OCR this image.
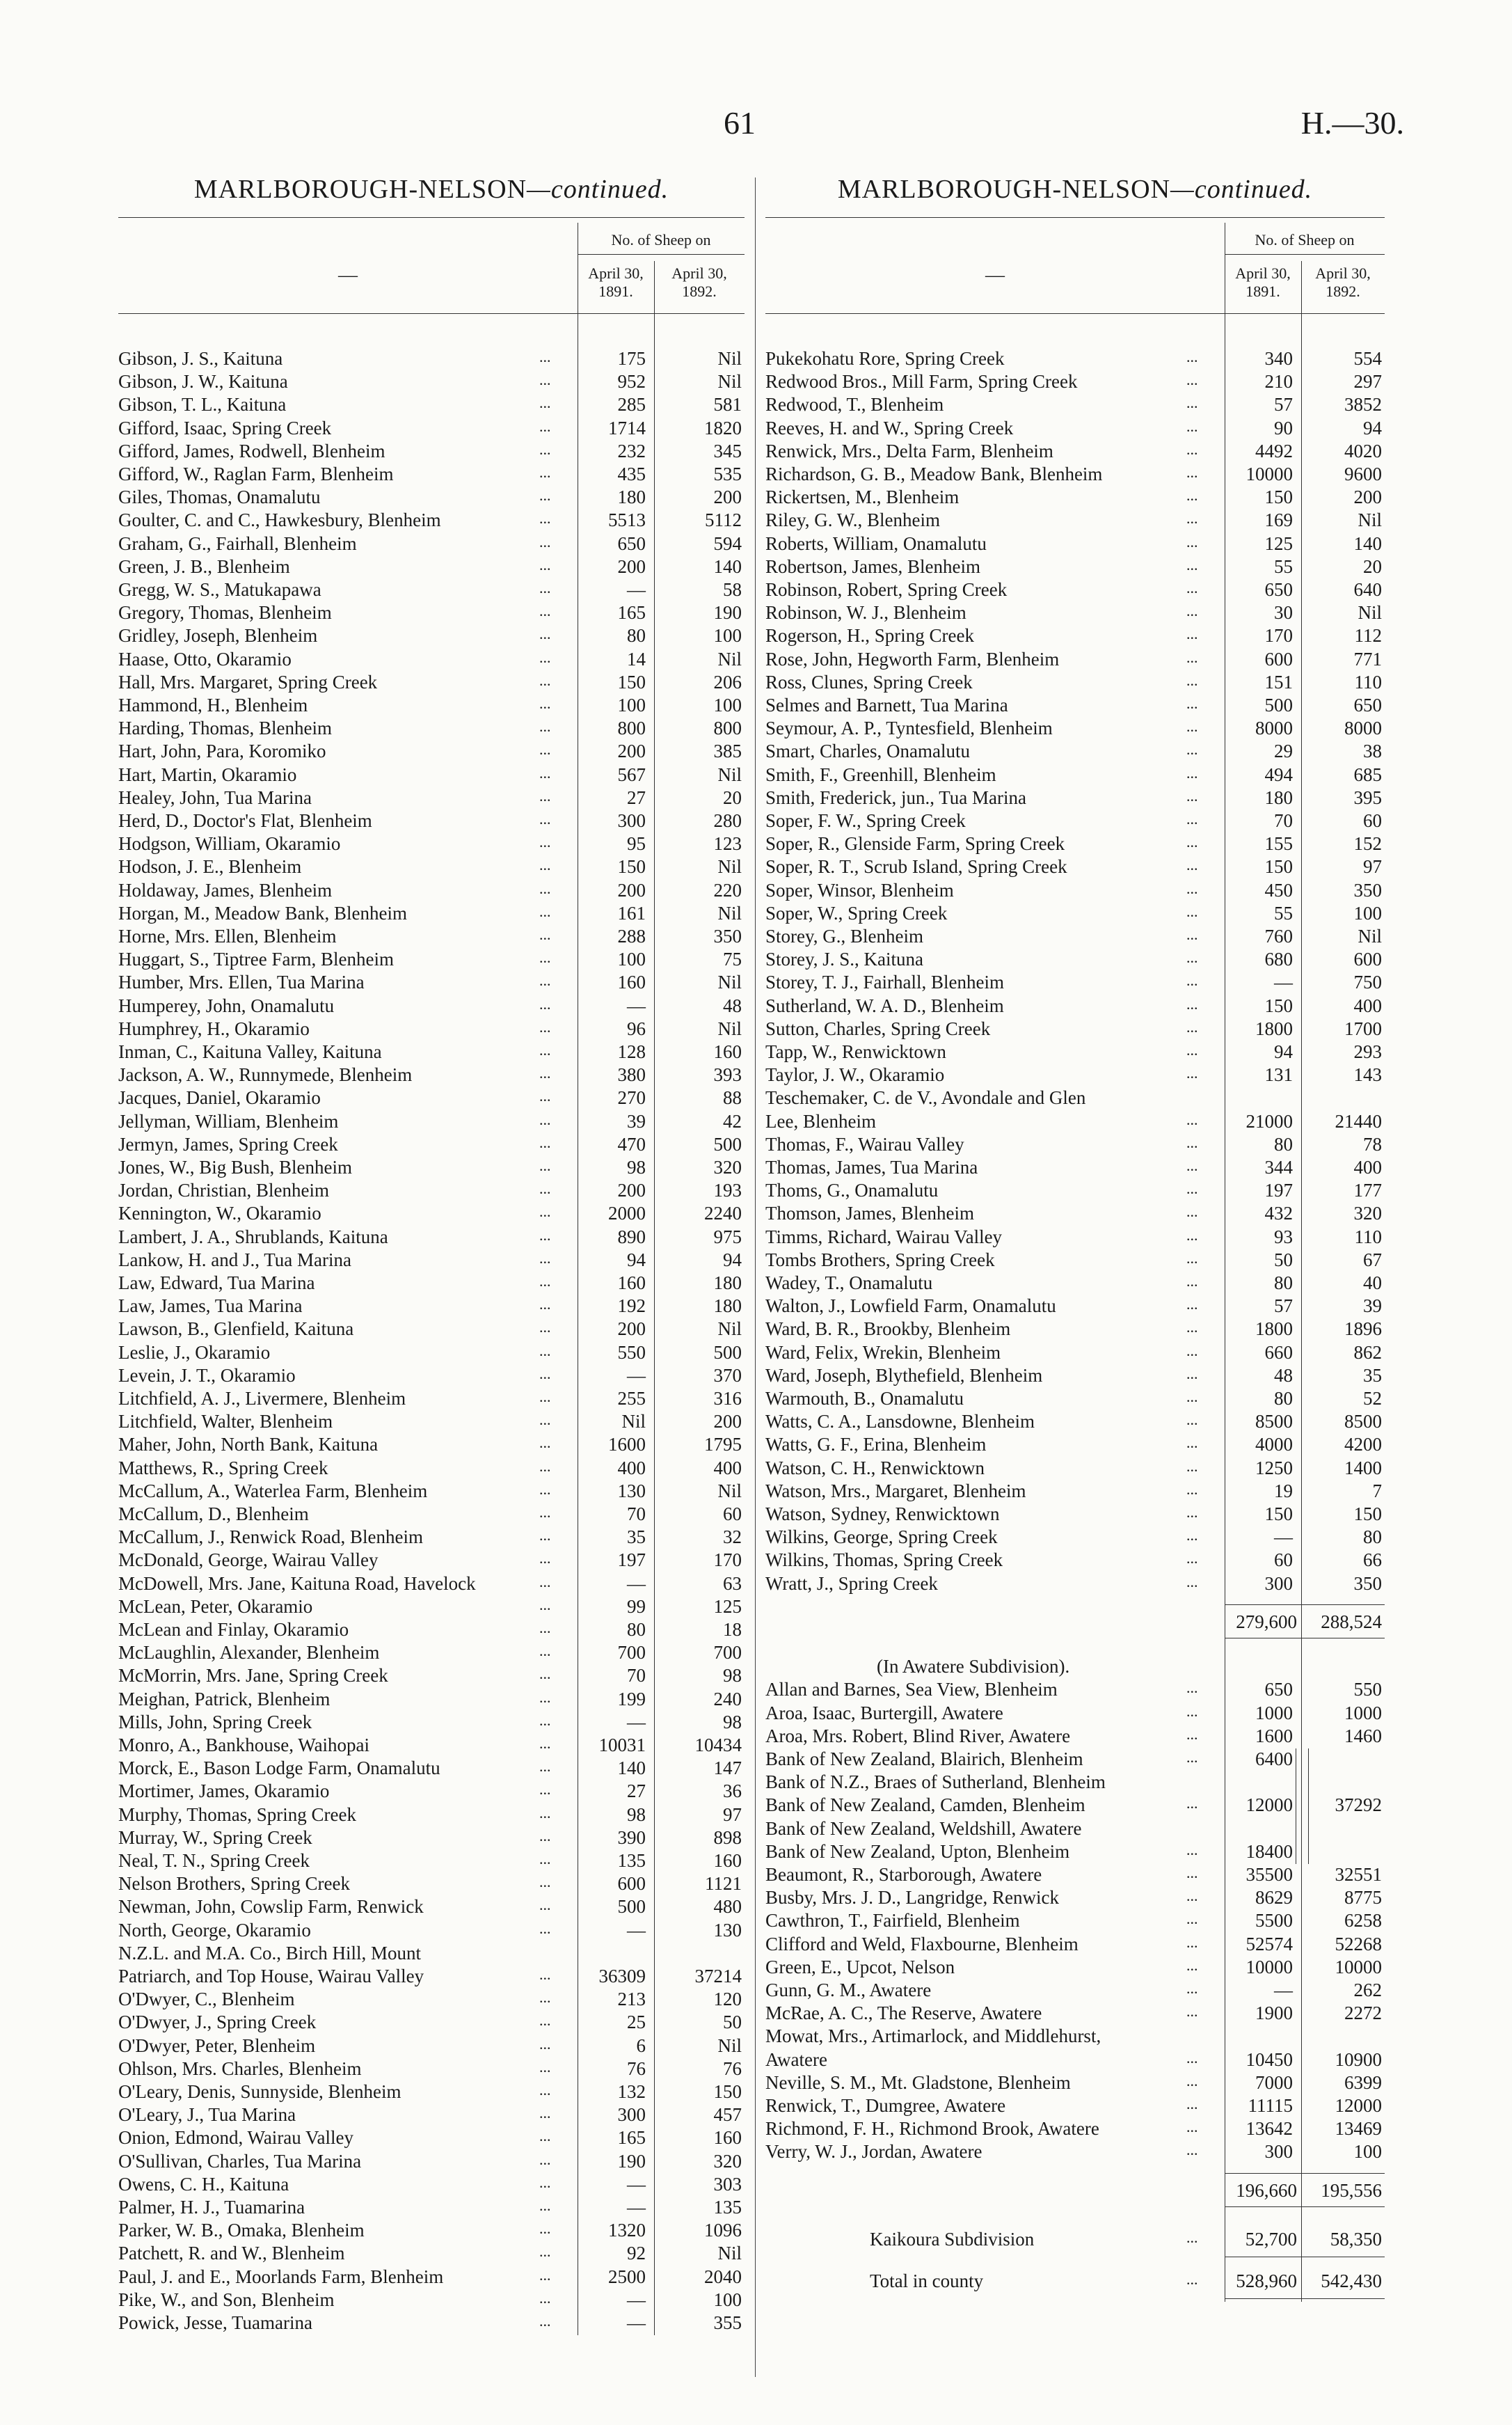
61	H.—30.
MARLBOROUGH-NELSON—continued.
No. of Sheep on
—	April 30, 1891.
April 30, 1892.
Gibson, J. S., Kaituna	...	175	Nil
Gibson, J. W., Kaituna	...	952	Nil
Gibson, T. L., Kaituna	...	285	581
Gifford, Isaac, Spring Creek	...	1714	1820
Gifford, James, Rodwell, Blenheim	...	232	345
Gifford, W., Raglan Farm, Blenheim	...	435	535
Giles, Thomas, Onamalutu	...	180	200
Goulter, C. and C., Hawkesbury, Blenheim	...	5513	5112
Graham, G., Fairhall, Blenheim	...	650	594
Green, J. B., Blenheim	...	200	140
Gregg, W. S., Matukapawa	...	—	58
Gregory, Thomas, Blenheim	...	165	190
Gridley, Joseph, Blenheim	...	80	100
Haase, Otto, Okaramio	...	14	Nil
Hall, Mrs. Margaret, Spring Creek	...	150	206
Hammond, H., Blenheim	...	100	100
Harding, Thomas, Blenheim	...	800	800
Hart, John, Para, Koromiko	...	200	385
Hart, Martin, Okaramio	...	567	Nil
Healey, John, Tua Marina	...	27	20
Herd, D., Doctor's Flat, Blenheim	...	300	280
Hodgson, William, Okaramio	...	95	123
Hodson, J. E., Blenheim	...	150	Nil
Holdaway, James, Blenheim	...	200	220
Horgan, M., Meadow Bank, Blenheim	...	161	Nil
Horne, Mrs. Ellen, Blenheim	...	288	350
Huggart, S., Tiptree Farm, Blenheim	...	100	75
Humber, Mrs. Ellen, Tua Marina	...	160	Nil
Humperey, John, Onamalutu	...	—	48
Humphrey, H., Okaramio	...	96	Nil
Inman, C., Kaituna Valley, Kaituna	...	128	160
Jackson, A. W., Runnymede, Blenheim	...	380	393
Jacques, Daniel, Okaramio	...	270	88
Jellyman, William, Blenheim	...	39	42
Jermyn, James, Spring Creek	...	470	500
Jones, W., Big Bush, Blenheim	...	98	320
Jordan, Christian, Blenheim	...	200	193
Kennington, W., Okaramio	...	2000	2240
Lambert, J. A., Shrublands, Kaituna	...	890	975
Lankow, H. and J., Tua Marina	...	94	94
Law, Edward, Tua Marina	...	160	180
Law, James, Tua Marina	...	192	180
Lawson, B., Glenfield, Kaituna	...	200	Nil
Leslie, J., Okaramio	...	550	500
Levein, J. T., Okaramio	...	—	370
Litchfield, A. J., Livermere, Blenheim	...	255	316
Litchfield, Walter, Blenheim	...	Nil	200
Maher, John, North Bank, Kaituna	...	1600	1795
Matthews, R., Spring Creek	...	400	400
McCallum, A., Waterlea Farm, Blenheim	...	130	Nil
McCallum, D., Blenheim	...	70	60
McCallum, J., Renwick Road, Blenheim	...	35	32
McDonald, George, Wairau Valley	...	197	170
McDowell, Mrs. Jane, Kaituna Road, Havelock	...	—	63
McLean, Peter, Okaramio	...	99	125
McLean and Finlay, Okaramio	...	80	18
McLaughlin, Alexander, Blenheim	...	700	700
McMorrin, Mrs. Jane, Spring Creek	...	70	98
Meighan, Patrick, Blenheim	...	199	240
Mills, John, Spring Creek	...	—	98
Monro, A., Bankhouse, Waihopai	...	10031	10434
Morck, E., Bason Lodge Farm, Onamalutu	...	140	147
Mortimer, James, Okaramio	...	27	36
Murphy, Thomas, Spring Creek	...	98	97
Murray, W., Spring Creek	...	390	898
Neal, T. N., Spring Creek	...	135	160
Nelson Brothers, Spring Creek	...	600	1121
Newman, John, Cowslip Farm, Renwick	...	500	480
North, George, Okaramio	...	—	130
N.Z.L. and M.A. Co., Birch Hill, Mount
Patriarch, and Top House, Wairau Valley	...	36309	37214
O'Dwyer, C., Blenheim	...	213	120
O'Dwyer, J., Spring Creek	...	25	50
O'Dwyer, Peter, Blenheim	...	6	Nil
Ohlson, Mrs. Charles, Blenheim	...	76	76
O'Leary, Denis, Sunnyside, Blenheim	...	132	150
O'Leary, J., Tua Marina	...	300	457
Onion, Edmond, Wairau Valley	...	165	160
O'Sullivan, Charles, Tua Marina	...	190	320
Owens, C. H., Kaituna	...	—	303
Palmer, H. J., Tuamarina	...	—	135
Parker, W. B., Omaka, Blenheim	...	1320	1096
Patchett, R. and W., Blenheim	...	92	Nil
Paul, J. and E., Moorlands Farm, Blenheim	...	2500	2040
Pike, W., and Son, Blenheim	...	—	100
Powick, Jesse, Tuamarina	...	—	355
MARLBOROUGH-NELSON—continued.
No. of Sheep on
—	April 30, 1891.
April 30, 1892.
Pukekohatu Rore, Spring Creek	...	340	554
Redwood Bros., Mill Farm, Spring Creek	...	210	297
Redwood, T., Blenheim	...	57	3852
Reeves, H. and W., Spring Creek	...	90	94
Renwick, Mrs., Delta Farm, Blenheim	...	4492	4020
Richardson, G. B., Meadow Bank, Blenheim	...	10000	9600
Rickertsen, M., Blenheim	...	150	200
Riley, G. W., Blenheim	...	169	Nil
Roberts, William, Onamalutu	...	125	140
Robertson, James, Blenheim	...	55	20
Robinson, Robert, Spring Creek	...	650	640
Robinson, W. J., Blenheim	...	30	Nil
Rogerson, H., Spring Creek	...	170	112
Rose, John, Hegworth Farm, Blenheim	...	600	771
Ross, Clunes, Spring Creek	...	151	110
Selmes and Barnett, Tua Marina	...	500	650
Seymour, A. P., Tyntesfield, Blenheim	...	8000	8000
Smart, Charles, Onamalutu	...	29	38
Smith, F., Greenhill, Blenheim	...	494	685
Smith, Frederick, jun., Tua Marina	...	180	395
Soper, F. W., Spring Creek	...	70	60
Soper, R., Glenside Farm, Spring Creek	...	155	152
Soper, R. T., Scrub Island, Spring Creek	...	150	97
Soper, Winsor, Blenheim	...	450	350
Soper, W., Spring Creek	...	55	100
Storey, G., Blenheim	...	760	Nil
Storey, J. S., Kaituna	...	680	600
Storey, T. J., Fairhall, Blenheim	...	—	750
Sutherland, W. A. D., Blenheim	...	150	400
Sutton, Charles, Spring Creek	...	1800	1700
Tapp, W., Renwicktown	...	94	293
Taylor, J. W., Okaramio	...	131	143
Teschemaker, C. de V., Avondale and Glen
Lee, Blenheim	...	21000	21440
Thomas, F., Wairau Valley	...	80	78
Thomas, James, Tua Marina	...	344	400
Thoms, G., Onamalutu	...	197	177
Thomson, James, Blenheim	...	432	320
Timms, Richard, Wairau Valley	...	93	110
Tombs Brothers, Spring Creek	...	50	67
Wadey, T., Onamalutu	...	80	40
Walton, J., Lowfield Farm, Onamalutu	...	57	39
Ward, B. R., Brookby, Blenheim	...	1800	1896
Ward, Felix, Wrekin, Blenheim	...	660	862
Ward, Joseph, Blythefield, Blenheim	...	48	35
Warmouth, B., Onamalutu	...	80	52
Watts, C. A., Lansdowne, Blenheim	...	8500	8500
Watts, G. F., Erina, Blenheim	...	4000	4200
Watson, C. H., Renwicktown	...	1250	1400
Watson, Mrs., Margaret, Blenheim	...	19	7
Watson, Sydney, Renwicktown	...	150	150
Wilkins, George, Spring Creek	...	—	80
Wilkins, Thomas, Spring Creek	...	60	66
Wratt, J., Spring Creek	...	300	350
279,600	288,524
(In Awatere Subdivision).
Allan and Barnes, Sea View, Blenheim	...	650	550
Aroa, Isaac, Burtergill, Awatere	...	1000	1000
Aroa, Mrs. Robert, Blind River, Awatere	...	1600	1460
Bank of New Zealand, Blairich, Blenheim	...	6400
Bank of N.Z., Braes of Sutherland, Blenheim
Bank of New Zealand, Camden, Blenheim	...	12000	37292
Bank of New Zealand, Weldshill, Awatere
Bank of New Zealand, Upton, Blenheim	...	18400
Beaumont, R., Starborough, Awatere	...	35500	32551
Busby, Mrs. J. D., Langridge, Renwick	...	8629	8775
Cawthron, T., Fairfield, Blenheim	...	5500	6258
Clifford and Weld, Flaxbourne, Blenheim	...	52574	52268
Green, E., Upcot, Nelson	...	10000	10000
Gunn, G. M., Awatere	...	—	262
McRae, A. C., The Reserve, Awatere	...	1900	2272
Mowat, Mrs., Artimarlock, and Middlehurst,
Awatere	...	10450	10900
Neville, S. M., Mt. Gladstone, Blenheim	...	7000	6399
Renwick, T., Dumgree, Awatere	...	11115	12000
Richmond, F. H., Richmond Brook, Awatere	...	13642	13469
Verry, W. J., Jordan, Awatere	...	300	100
196,660	195,556
Kaikoura Subdivision	...	52,700	58,350
Total in county	...	528,960	542,430
